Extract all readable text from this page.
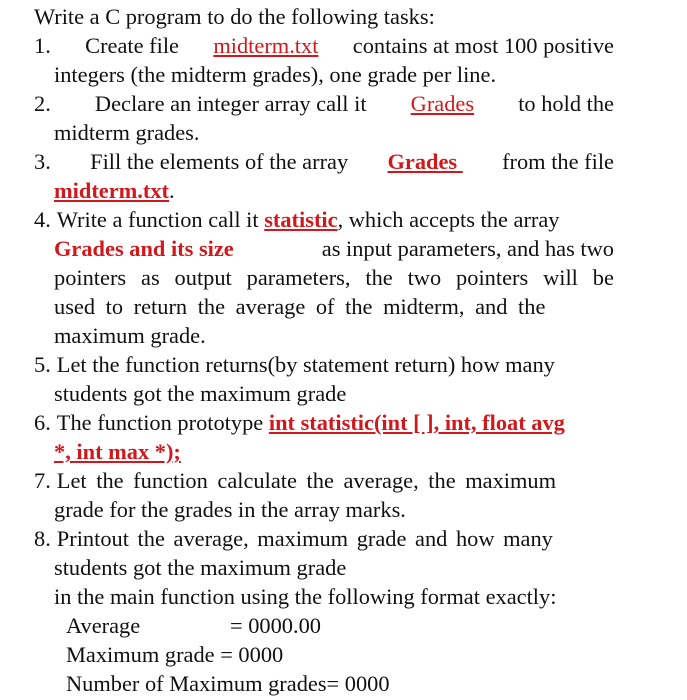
Write a C program to do the following tasks:
1. Create file midterm.txt contains at most 100 positive
integers (the midterm grades), one grade per line.
2. Declare an integer array call it Grades to hold the
midterm grades.
3. Fill the elements of the array Grades from the file
midterm.txt.
4. Write a function call it statistic, which accepts the array
Grades and its size	as input parameters, and has two
pointers as output parameters, the two pointers will be
used to return the average of the midterm, and the
maximum grade.
5. Let the function returns(by statement return) how many
students got the maximum grade
6. The function prototype int statistic(int [ ], int, float avg
*, int max *);
7. Let the function calculate the average, the maximum
grade for the grades in the array marks.
8. Printout the average, maximum grade and how many
students got the maximum grade
in the main function using the following format exactly:
Average	= 0000.00
Maximum grade = 0000
Number of Maximum grades= 0000
